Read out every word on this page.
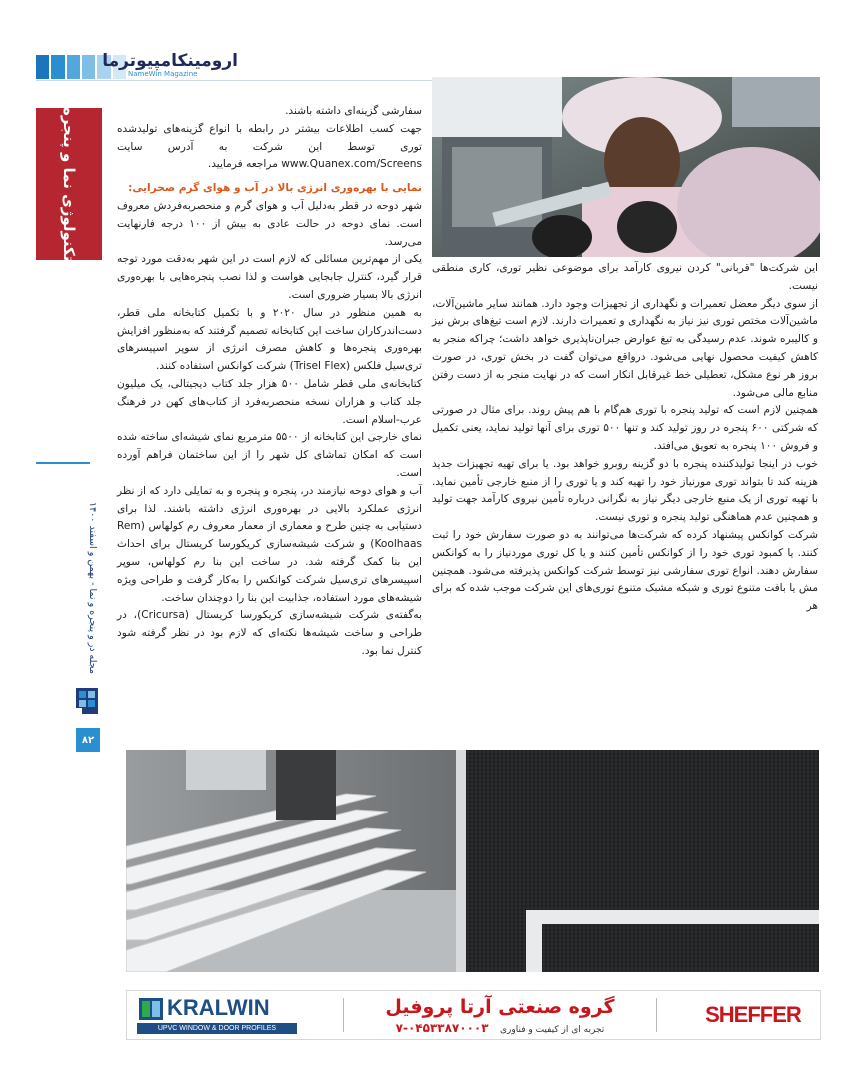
ارومینکامپیوترما
NameWin Magazine
تکنولوژی نما و پنجره
مجله در و پنجره و نما - بهمن و اسفند ۱۴۰۰
۸۲

سفارشی گزینه‌ای داشته باشند.

جهت کسب اطلاعات بیشتر در رابطه با انواع گزینه‌های تولیدشده توری توسط این شرکت به آدرس سایت www.Quanex.com/Screens مراجعه فرمایید.

نمایی با بهره‌وری انرژی بالا در آب و هوای گرم صحرایی:

شهر دوحه در قطر به‌دلیل آب و هوای گرم و منحصربه‌فردش معروف است. نمای دوحه در حالت عادی به بیش از ۱۰۰ درجه فارنهایت می‌رسد.

یکی از مهم‌ترین مسائلی که لازم است در این شهر به‌دقت مورد توجه قرار گیرد، کنترل جابجایی هواست و لذا نصب پنجره‌هایی با بهره‌وری انرژی بالا بسیار ضروری است.

به همین منظور در سال ۲۰۲۰ و با تکمیل کتابخانه ملی قطر، دست‌اندرکاران ساخت این کتابخانه تصمیم گرفتند که به‌منظور افزایش بهره‌وری پنجره‌ها و کاهش مصرف انرژی از سوپر اسپیسرهای تری‌سیل فلکس (Trisel Flex) شرکت کوانکس استفاده کنند.

کتابخانه‌ی ملی قطر شامل ۵۰۰ هزار جلد کتاب دیجیتالی، یک میلیون جلد کتاب و هزاران نسخه منحصربه‌فرد از کتاب‌های کهن در فرهنگ عرب-اسلام است.

نمای خارجی این کتابخانه از ۵۵۰۰ مترمربع نمای شیشه‌ای ساخته شده است که امکان تماشای کل شهر را از این ساختمان فراهم آورده است.

آب و هوای دوحه نیازمند در، پنجره و پنجره و به تمایلی دارد که از نظر انرژی عملکرد بالایی در بهره‌وری انرژی داشته باشند. لذا برای دستیابی به چنین طرح و معماری از معمار معروف رم کولهاس (Rem Koolhaas) و شرکت شیشه‌سازی کریکورسا کریستال برای احداث این بنا کمک گرفته شد. در ساخت این بنا رم کولهاس، سوپر اسپیسرهای تری‌سیل شرکت کوانکس را به‌کار گرفت و طراحی ویژه شیشه‌های مورد استفاده، جذابیت این بنا را دوچندان ساخت.

به‌گفته‌ی شرکت شیشه‌سازی کریکورسا کریستال (Cricursa)، در طراحی و ساخت شیشه‌ها نکته‌ای که لازم بود در نظر گرفته شود کنترل نما بود.

این شرکت‌ها "قربانی" کردن نیروی کارآمد برای موضوعی نظیر توری، کاری منطقی نیست.

از سوی دیگر معضل تعمیرات و نگهداری از تجهیزات وجود دارد. همانند سایر ماشین‌آلات، ماشین‌آلات مختص توری نیز نیاز به نگهداری و تعمیرات دارند. لازم است تیغ‌های برش نیز و کالیبره شوند. عدم رسیدگی به تیغ عوارض جبران‌ناپذیری خواهد داشت؛ چراکه منجر به کاهش کیفیت محصول نهایی می‌شود. درواقع می‌توان گفت در بخش توری، در صورت بروز هر نوع مشکل، تعطیلی خط غیرقابل انکار است که در نهایت منجر به از دست رفتن منابع مالی می‌شود.

همچنین لازم است که تولید پنجره با توری هم‌گام با هم پیش روند. برای مثال در صورتی که شرکتی ۶۰۰ پنجره در روز تولید کند و تنها ۵۰۰ توری برای آنها تولید نماید، یعنی تکمیل و فروش ۱۰۰ پنجره به تعویق می‌افتد.

خوب در اینجا تولیدکننده پنجره با دو گزینه روبرو خواهد بود. یا برای تهیه تجهیزات جدید هزینه کند تا بتواند توری مورنیاز خود را تهیه کند و یا توری را از منبع خارجی تأمین نماید. با تهیه توری از یک منبع خارجی دیگر نیاز به نگرانی درباره تأمین نیروی کارآمد جهت تولید و همچنین عدم هماهنگی تولید پنجره و توری نیست.

شرکت کوانکس پیشنهاد کرده که شرکت‌ها می‌توانند به دو صورت سفارش خود را ثبت کنند. یا کمبود توری خود را از کوانکس تأمین کنند و یا کل توری موردنیاز را به کوانکس سفارش دهند. انواع توری سفارشی نیز توسط شرکت کوانکس پذیرفته می‌شود. همچنین مش یا بافت متنوع توری و شبکه مشبک متنوع توری‌های این شرکت موجب شده که برای هر

KRALWIN
UPVC WINDOW & DOOR PROFILES
گروه صنعتی آرتا پروفیل
تجربه ای از کیفیت و فناوری    ۰۴۵۳۳۸۷۰۰۰۳-۷
SHEFFER
